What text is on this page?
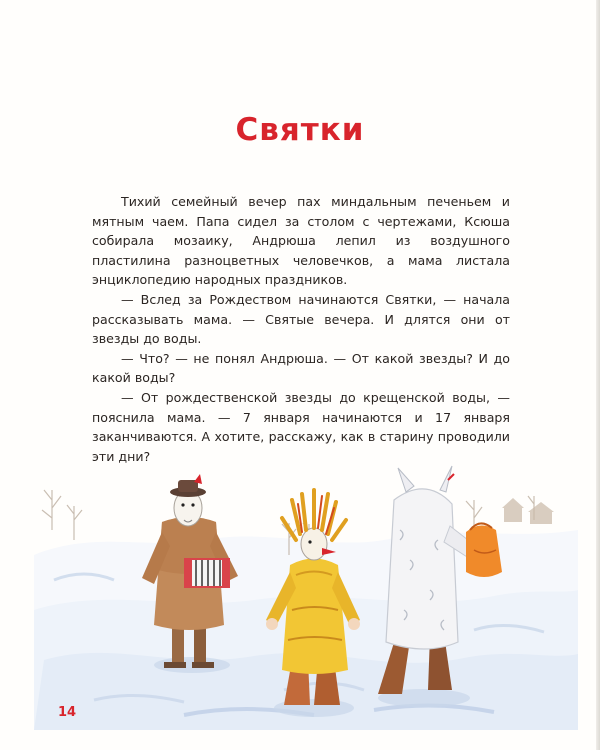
Святки

Тихий семейный вечер пах миндальным печеньем и мятным чаем. Папа сидел за столом с чертежами, Ксюша собирала мозаику, Андрюша лепил из воздушного пластилина разноцветных человечков, а мама листала энциклопедию народных праздников.

— Вслед за Рождеством начинаются Святки, — начала рассказывать мама. — Святые вечера. И длятся они от звезды до воды.

— Что? — не понял Андрюша. — От какой звезды? И до какой воды?

— От рождественской звезды до крещенской воды, — пояснила мама. — 7 января начинаются и 17 января заканчиваются. А хотите, расскажу, как в старину проводили эти дни?

14
